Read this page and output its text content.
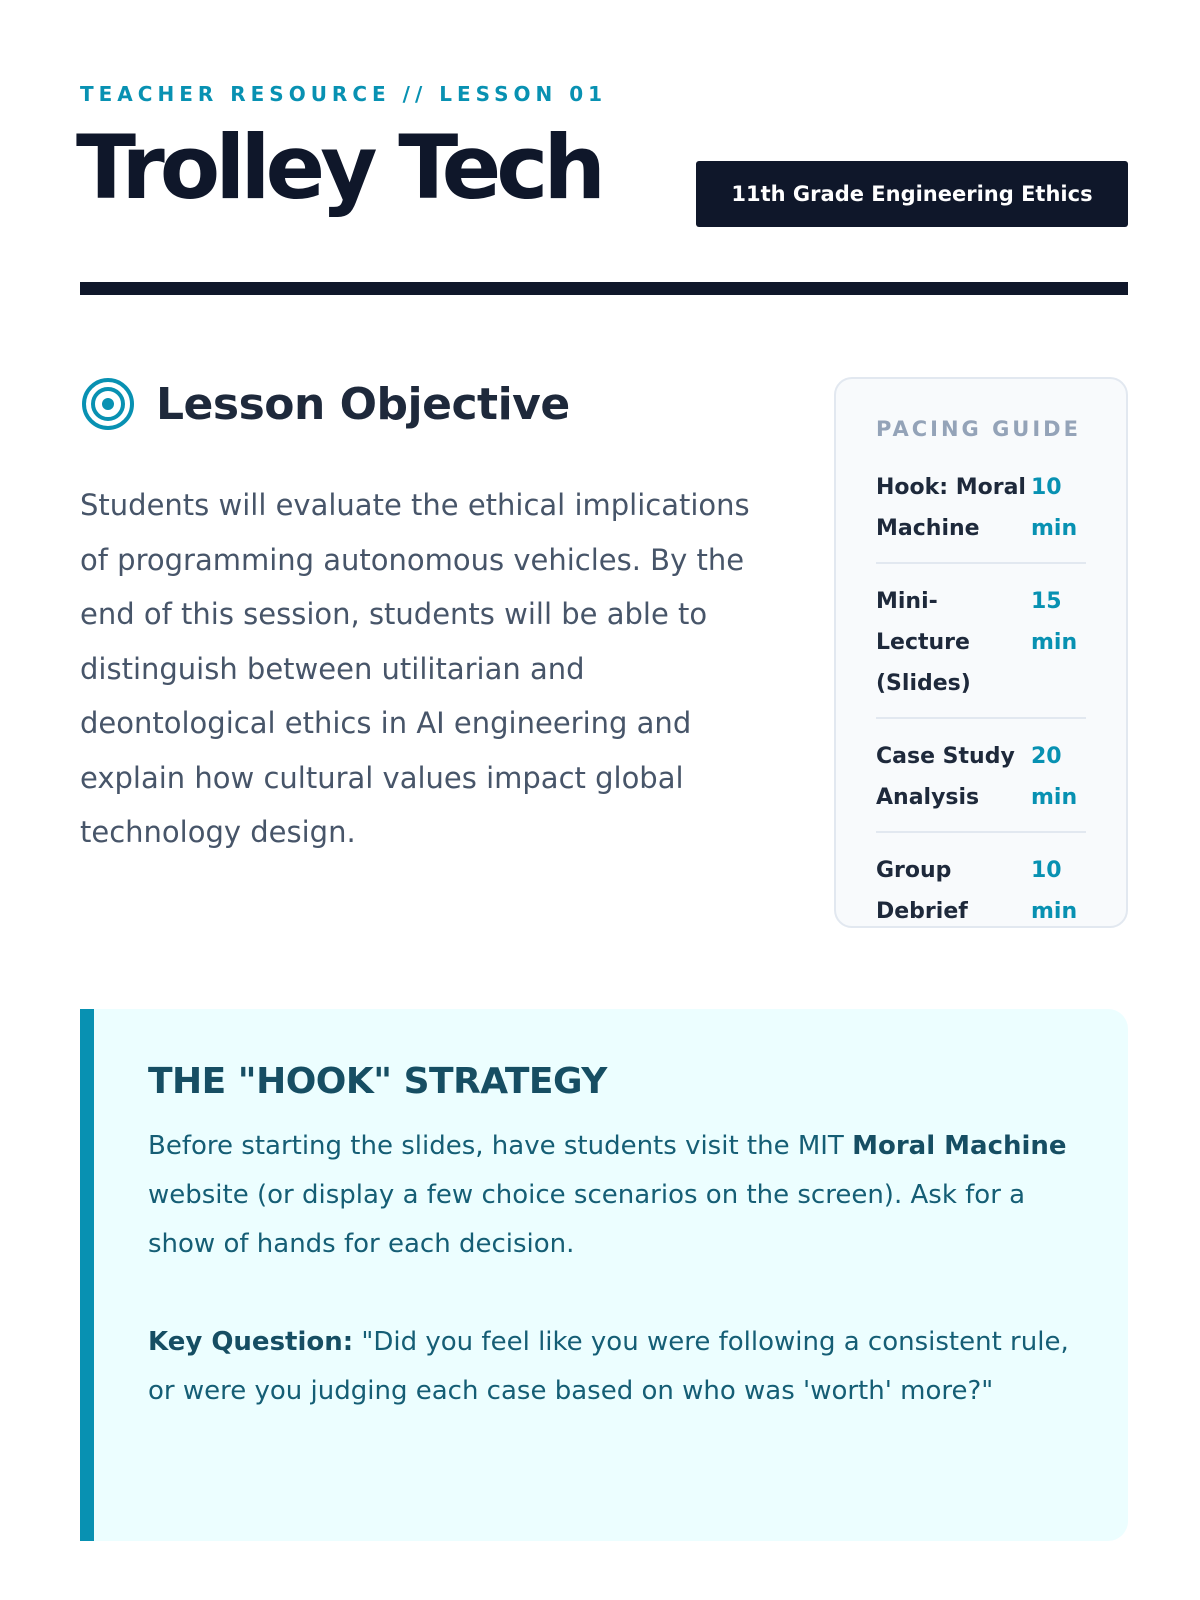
TEACHER RESOURCE // LESSON 01
Trolley Tech	11th Grade Engineering Ethics
Lesson Objective

Students will evaluate the ethical implications of programming autonomous vehicles. By the end of this session, students will be able to distinguish between utilitarian and deontological ethics in AI engineering and explain how cultural values impact global technology design.

PACING GUIDE
Hook: Moral Machine
10 min
Mini-Lecture (Slides)
15 min
Case Study Analysis
20 min
Group Debrief
10 min
THE "HOOK" STRATEGY

Before starting the slides, have students visit the MIT Moral Machine website (or display a few choice scenarios on the screen). Ask for a show of hands for each decision.

Key Question: "Did you feel like you were following a consistent rule, or were you judging each case based on who was 'worth' more?"
